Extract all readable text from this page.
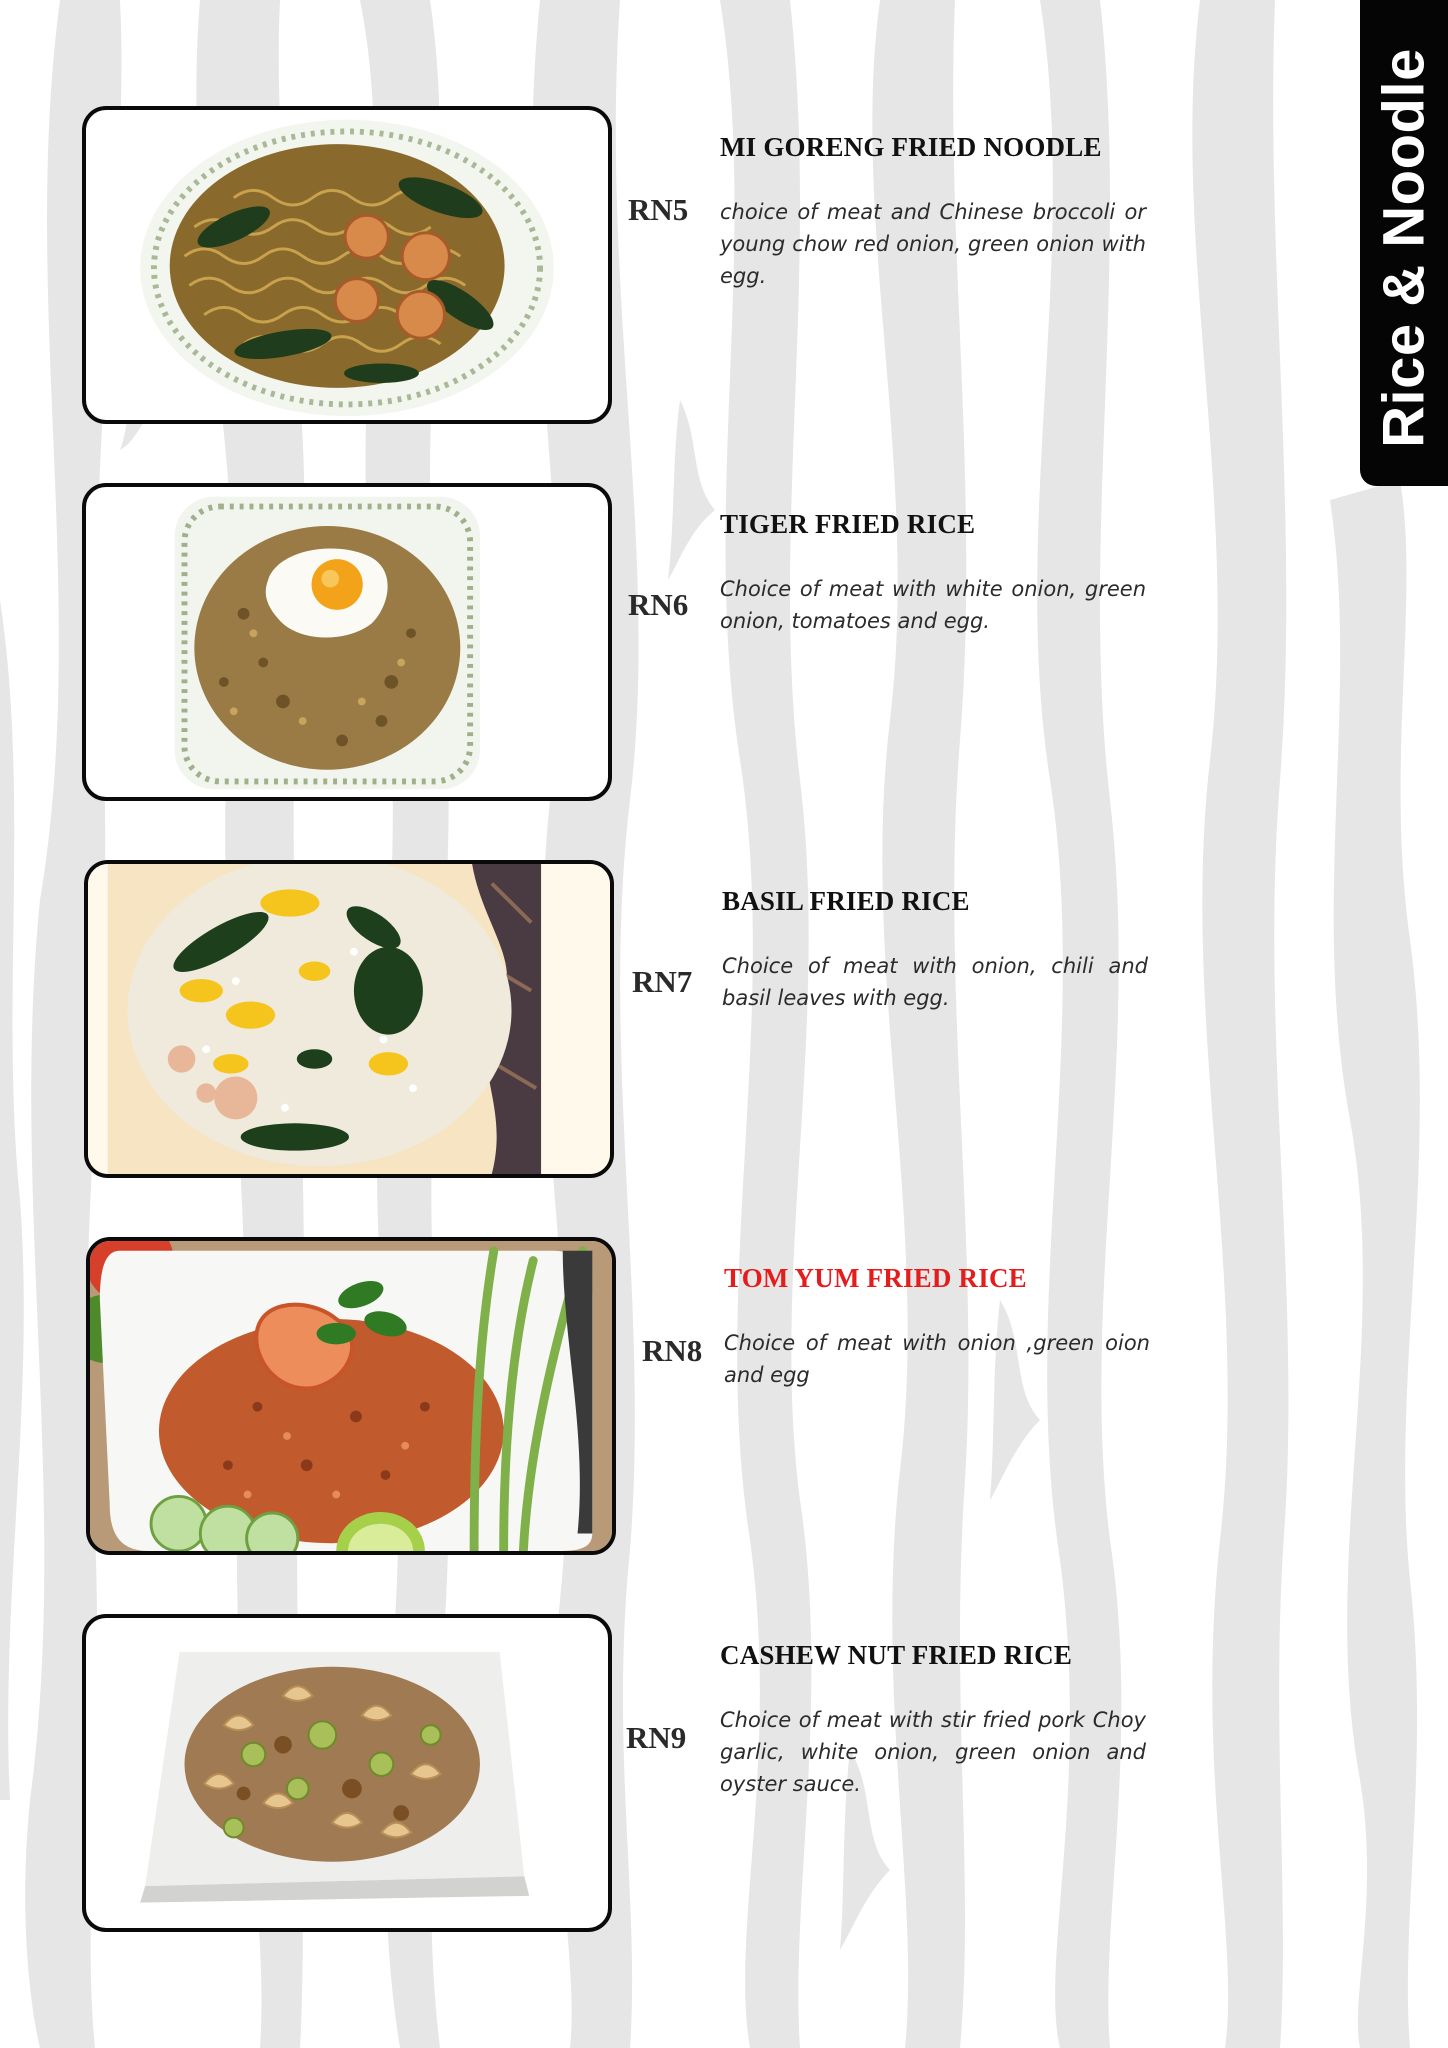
Rice & Noodle
RN5
MI GORENG FRIED NOODLE
choice of meat and Chinese broccoli or young chow red onion, green onion with egg.
RN6
TIGER FRIED RICE
Choice of meat with white onion, green onion, tomatoes and egg.
RN7
BASIL FRIED RICE
Choice of meat with onion, chili and basil leaves with egg.
RN8
TOM YUM FRIED RICE
Choice of meat with onion ,green oion and egg
RN9
CASHEW NUT FRIED RICE
Choice of meat with stir fried pork Choy garlic, white onion, green onion and oyster sauce.
